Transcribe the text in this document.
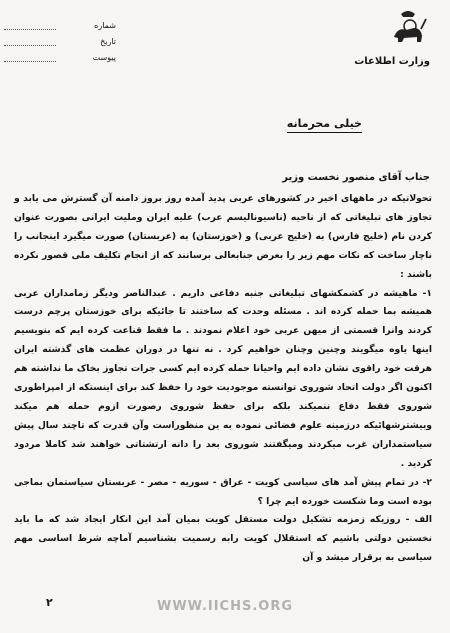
وزارت اطلاعات
شماره
تاریخ
پیوست
خیلی محرمانه
جناب آقای منصور نخست وزیر

تحولاتیکه در ماههای اخیر در کشورهای عربی پدید آمده روز بروز دامنه آن گسترش می یابد و تجاوز های تبلیغاتی که از ناحیه (ناسیونالیسم عرب) علیه ایران وملیت ایرانی بصورت عنوان کردن نام (خلیج فارس) به (خلیج عربی) و (خوزستان) به (عربستان) صورت میگیرد اینجانب را ناچار ساخت که نکات مهم زیر را بعرض جنابعالی برسانند که از انجام تکلیف ملی قصور نکرده باشند :

۱- ماهیشه در کشمکشهای تبلیغاتی جنبه دفاعی داریم . عبدالناصر ودیگر زمامداران عربی همیشه بما حمله کرده اند . مسئله وحدت که ساختند تا جائیکه برای خوزستان پرچم درست کردند وانرا قسمتی از میهن عربی خود اعلام نمودند . ما فقط قناعت کرده ایم که بنویسیم اینها یاوه میگویند وچنین وچنان خواهیم کرد . نه تنها در دوران عظمت های گذشته ایران هرقت خود راقوی نشان داده ایم واحیانا حمله کرده ایم کسی جرات تجاوز بخاک ما نداشته هم اکنون اگر دولت اتحاد شوروی توانسته موجودیت خود را حفظ کند برای اینستکه از امپراطوری شوروی فقط دفاع ننمیکند بلکه برای حفظ شوروی رصورت ازوم حمله هم میکند وبیشترشهائیکه درزمینه علوم فضائی نموده به ین منظوراست وآن قدرت که تاچند سال پیش سیاستمداران غرب میکردند ومیگفتند شوروی بعد را دانه ارتشتاتی خواهند شد کاملا مردود کردید .

۲- در تمام پیش آمد های سیاسی کویت - عراق - سوریه - مصر - عربستان سیاستمان بماجی بوده است وما شکست خورده ایم چرا ؟

الف - روزیکه زمزمه تشکیل دولت مستقل کویت بمیان آمد این انکار ایجاد شد که ما باید نخستین دولتی باشیم که استقلال کویت رابه رسمیت بشناسیم آماچه شرط اساسی مهم سیاسی به برقرار میشد و آن

۲	WWW.IICHS.ORG
